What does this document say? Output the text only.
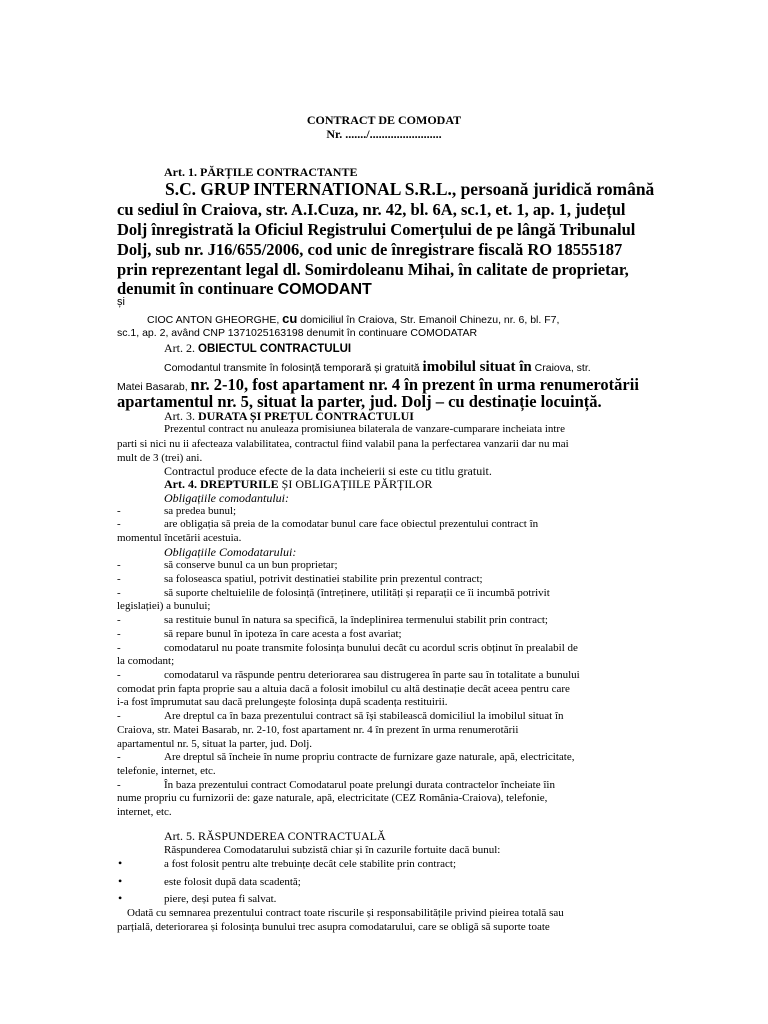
CONTRACT DE COMODAT
Nr. ......./........................
Art. 1. PĂRȚILE CONTRACTANTE
S.C. GRUP INTERNATIONAL S.R.L., persoană juridică română
cu sediul în Craiova, str. A.I.Cuza, nr. 42, bl. 6A, sc.1, et. 1, ap. 1, județul
Dolj înregistrată la Oficiul Registrului Comerțului de pe lângă Tribunalul
Dolj, sub nr. J16/655/2006, cod unic de înregistrare fiscală RO 18555187
prin reprezentant legal dl. Somirdoleanu Mihai, în calitate de proprietar,
denumit în continuare COMODANT
și
CIOC ANTON GHEORGHE, cu domiciliul în Craiova, Str. Emanoil Chinezu, nr. 6, bl. F7,
sc.1, ap. 2, având CNP 1371025163198 denumit în continuare COMODATAR
Art. 2. OBIECTUL CONTRACTULUI
Comodantul transmite în folosință temporară și gratuită imobilul situat în Craiova, str.
Matei Basarab, nr. 2-10, fost apartament nr. 4 în prezent în urma renumerotării
apartamentul nr. 5, situat la parter, jud. Dolj – cu destinație locuință.
Art. 3. DURATA ȘI PREȚUL CONTRACTULUI
Prezentul contract nu anuleaza promisiunea bilaterala de vanzare-cumparare incheiata intre
parti si nici nu ii afecteaza valabilitatea, contractul fiind valabil pana la perfectarea vanzarii dar nu mai
mult de 3 (trei) ani.
Contractul produce efecte de la data incheierii si este cu titlu gratuit.
Art. 4. DREPTURILE ȘI OBLIGAȚIILE PĂRȚILOR
Obligațiile comodantului:
-	sa predea bunul;
-	are obligația să preia de la comodatar bunul care face obiectul prezentului contract în
momentul încetării acestuia.
Obligațiile Comodatarului:
-	să conserve bunul ca un bun proprietar;
-	sa foloseasca spatiul, potrivit destinatiei stabilite prin prezentul contract;
-	să suporte cheltuielile de folosință (întreținere, utilități și reparații ce îi incumbă potrivit
legislației) a bunului;
-	sa restituie bunul în natura sa specifică, la îndeplinirea termenului stabilit prin contract;
-	să repare bunul în ipoteza în care acesta a fost avariat;
-	comodatarul nu poate transmite folosința bunului decât cu acordul scris obținut în prealabil de
la comodant;
-	comodatarul va răspunde pentru deteriorarea sau distrugerea în parte sau în totalitate a bunului
comodat prin fapta proprie sau a altuia dacă a folosit imobilul cu altă destinație decât aceea pentru care
i-a fost împrumutat sau dacă prelungește folosința după scadența restituirii.
-	Are dreptul ca în baza prezentului contract să își stabilească domiciliul la imobilul situat în
Craiova, str. Matei Basarab, nr. 2-10, fost apartament nr. 4 în prezent în urma renumerotării
apartamentul nr. 5, situat la parter, jud. Dolj.
-	Are dreptul să încheie în nume propriu contracte de furnizare gaze naturale, apă, electricitate,
telefonie, internet, etc.
-	În baza prezentului contract Comodatarul poate prelungi durata contractelor încheiate îin
nume propriu cu furnizorii de: gaze naturale, apă, electricitate (CEZ România-Craiova), telefonie,
internet, etc.
Art. 5. RĂSPUNDEREA CONTRACTUALĂ
Răspunderea Comodatarului subzistă chiar și în cazurile fortuite dacă bunul:
•	a fost folosit pentru alte trebuințe decât cele stabilite prin contract;
•	este folosit după data scadentă;
•	piere, deși putea fi salvat.
Odată cu semnarea prezentului contract toate riscurile și responsabilitățile privind pieirea totală sau
parțială, deteriorarea și folosința bunului trec asupra comodatarului, care se obligă să suporte toate
